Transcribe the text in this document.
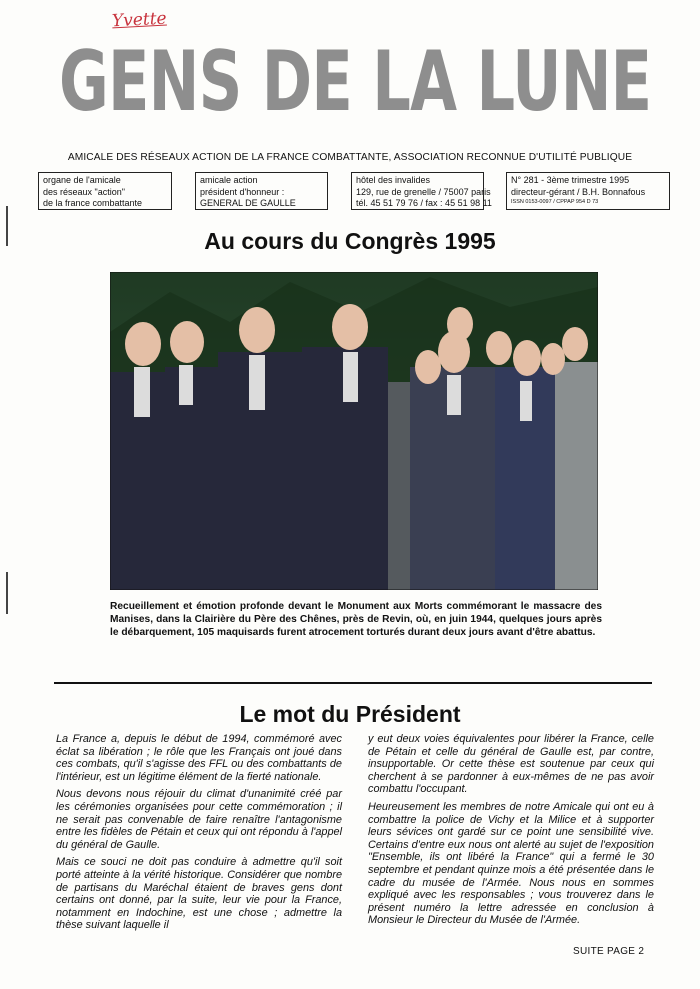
Yvette
GENS DE LA LUNE
AMICALE DES RÉSEAUX ACTION DE LA FRANCE COMBATTANTE, ASSOCIATION RECONNUE D'UTILITÉ PUBLIQUE
organe de l'amicale
des réseaux "action"
de la france combattante
amicale action
président d'honneur :
GENERAL DE GAULLE
hôtel des invalides
129, rue de grenelle / 75007 paris
tél. 45 51 79 76 / fax : 45 51 98 11
N° 281 - 3ème trimestre 1995
directeur-gérant / B.H. Bonnafous
ISSN 0153-0097 / CPPAP 954 D 73
Au cours du Congrès 1995
Recueillement et émotion profonde devant le Monument aux Morts commémorant le massacre des Manises, dans la Clairière du Père des Chênes, près de Revin, où, en juin 1944, quelques jours après le débarquement, 105 maquisards furent atrocement torturés durant deux jours avant d'être abattus.
Le mot du Président

La France a, depuis le début de 1994, commémoré avec éclat sa libération ; le rôle que les Français ont joué dans ces combats, qu'il s'agisse des FFL ou des combattants de l'intérieur, est un légitime élément de la fierté nationale.

Nous devons nous réjouir du climat d'unanimité créé par les cérémonies organisées pour cette commémoration ; il ne serait pas convenable de faire renaître l'antagonisme entre les fidèles de Pétain et ceux qui ont répondu à l'appel du général de Gaulle.

Mais ce souci ne doit pas conduire à admettre qu'il soit porté atteinte à la vérité historique. Considérer que nombre de partisans du Maréchal étaient de braves gens dont certains ont donné, par la suite, leur vie pour la France, notamment en Indochine, est une chose ; admettre la thèse suivant laquelle il

y eut deux voies équivalentes pour libérer la France, celle de Pétain et celle du général de Gaulle est, par contre, insupportable. Or cette thèse est soutenue par ceux qui cherchent à se pardonner à eux-mêmes de ne pas avoir combattu l'occupant.

Heureusement les membres de notre Amicale qui ont eu à combattre la police de Vichy et la Milice et à supporter leurs sévices ont gardé sur ce point une sensibilité vive. Certains d'entre eux nous ont alerté au sujet de l'exposition "Ensemble, ils ont libéré la France" qui a fermé le 30 septembre et pendant quinze mois a été présentée dans le cadre du musée de l'Armée. Nous nous en sommes expliqué avec les responsables ; vous trouverez dans le présent numéro la lettre adressée en conclusion à Monsieur le Directeur du Musée de l'Armée.

SUITE PAGE 2
